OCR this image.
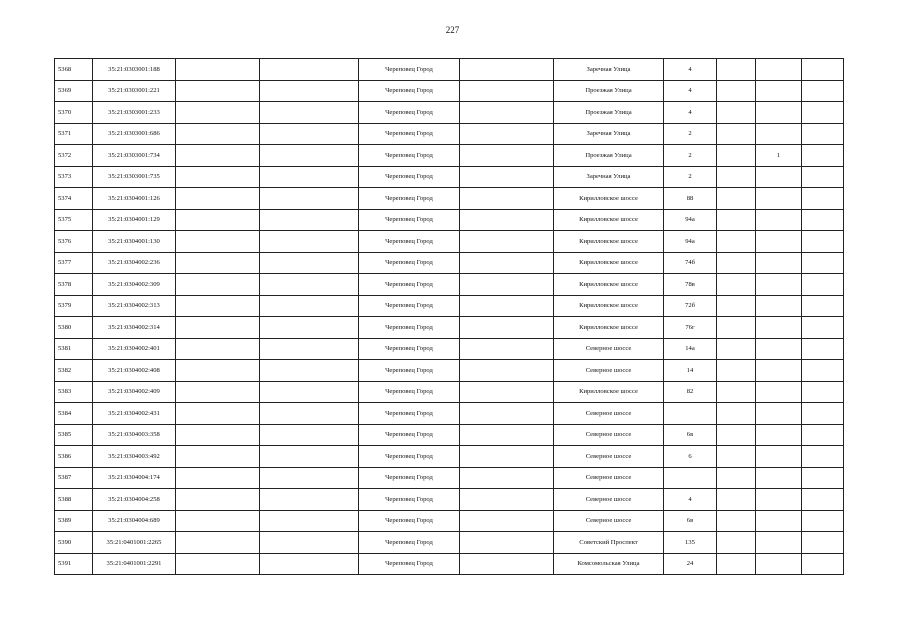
227
5368	35:21:0303001:188			Череповец Город		Заречная Улица	4			
5369	35:21:0303001:221			Череповец Город		Проезжая Улица	4			
5370	35:21:0303001:233			Череповец Город		Проезжая Улица	4			
5371	35:21:0303001:686			Череповец Город		Заречная Улица	2			
5372	35:21:0303001:734			Череповец Город		Проезжая Улица	2		1	
5373	35:21:0303001:735			Череповец Город		Заречная Улица	2			
5374	35:21:0304001:126			Череповец Город		Кирилловское шоссе	88			
5375	35:21:0304001:129			Череповец Город		Кирилловское шоссе	94а			
5376	35:21:0304001:130			Череповец Город		Кирилловское шоссе	94а			
5377	35:21:0304002:236			Череповец Город		Кирилловское шоссе	74б			
5378	35:21:0304002:309			Череповец Город		Кирилловское шоссе	78в			
5379	35:21:0304002:313			Череповец Город		Кирилловское шоссе	72б			
5380	35:21:0304002:314			Череповец Город		Кирилловское шоссе	76г			
5381	35:21:0304002:401			Череповец Город		Северное шоссе	14а			
5382	35:21:0304002:408			Череповец Город		Северное шоссе	14			
5383	35:21:0304002:409			Череповец Город		Кирилловское шоссе	82			
5384	35:21:0304002:431			Череповец Город		Северное шоссе				
5385	35:21:0304003:358			Череповец Город		Северное шоссе	6в			
5386	35:21:0304003:492			Череповец Город		Северное шоссе	6			
5387	35:21:0304004:174			Череповец Город		Северное шоссе				
5388	35:21:0304004:258			Череповец Город		Северное шоссе	4			
5389	35:21:0304004:689			Череповец Город		Северное шоссе	6в			
5390	35:21:0401001:2265			Череповец Город		Советский Проспект	135			
5391	35:21:0401001:2291			Череповец Город		Комсомольская Улица	24			
